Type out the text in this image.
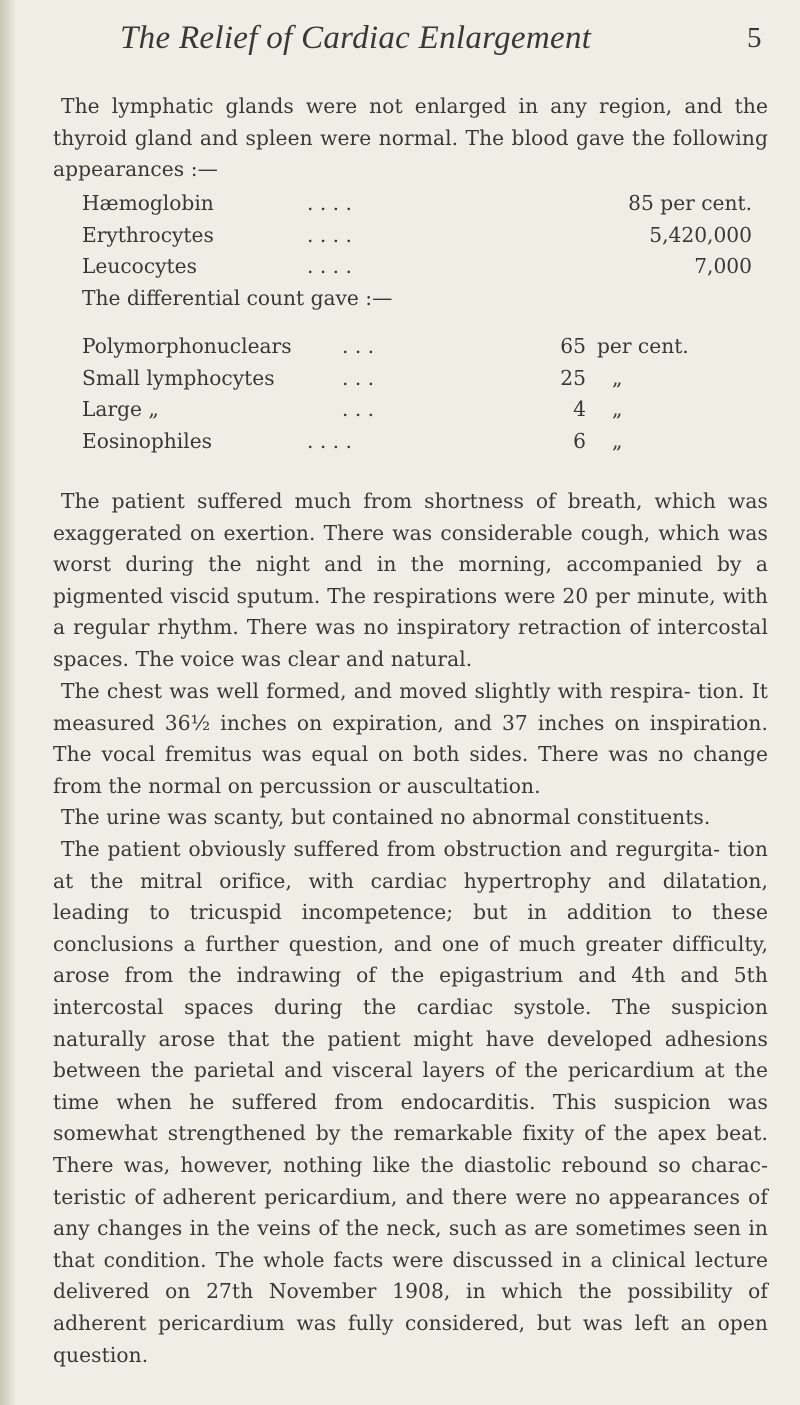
The Relief of Cardiac Enlargement	5

The lymphatic glands were not enlarged in any region, and the thyroid gland and spleen were normal. The blood gave the following appearances :—

Hæmoglobin	. . . .	85 per cent.
Erythrocytes	. . . .	5,420,000
Leucocytes	. . . .	7,000
The differential count gave :—
Polymorphonuclears . . .	65 per cent.
Small lymphocytes	. . .	25 „
Large „	. . .	4 „
Eosinophiles	. . . .	6 „

The patient suffered much from shortness of breath, which was exaggerated on exertion. There was considerable cough, which was worst during the night and in the morning, accompanied by a pigmented viscid sputum. The respirations were 20 per minute, with a regular rhythm. There was no inspiratory retraction of intercostal spaces. The voice was clear and natural.

The chest was well formed, and moved slightly with respira- tion. It measured 36½ inches on expiration, and 37 inches on inspiration. The vocal fremitus was equal on both sides. There was no change from the normal on percussion or auscultation.

The urine was scanty, but contained no abnormal constituents.

The patient obviously suffered from obstruction and regurgita- tion at the mitral orifice, with cardiac hypertrophy and dilatation, leading to tricuspid incompetence; but in addition to these conclusions a further question, and one of much greater difficulty, arose from the indrawing of the epigastrium and 4th and 5th intercostal spaces during the cardiac systole. The suspicion naturally arose that the patient might have developed adhesions between the parietal and visceral layers of the pericardium at the time when he suffered from endocarditis. This suspicion was somewhat strengthened by the remarkable fixity of the apex beat. There was, however, nothing like the diastolic rebound so charac- teristic of adherent pericardium, and there were no appearances of any changes in the veins of the neck, such as are sometimes seen in that condition. The whole facts were discussed in a clinical lecture delivered on 27th November 1908, in which the possibility of adherent pericardium was fully considered, but was left an open question.
